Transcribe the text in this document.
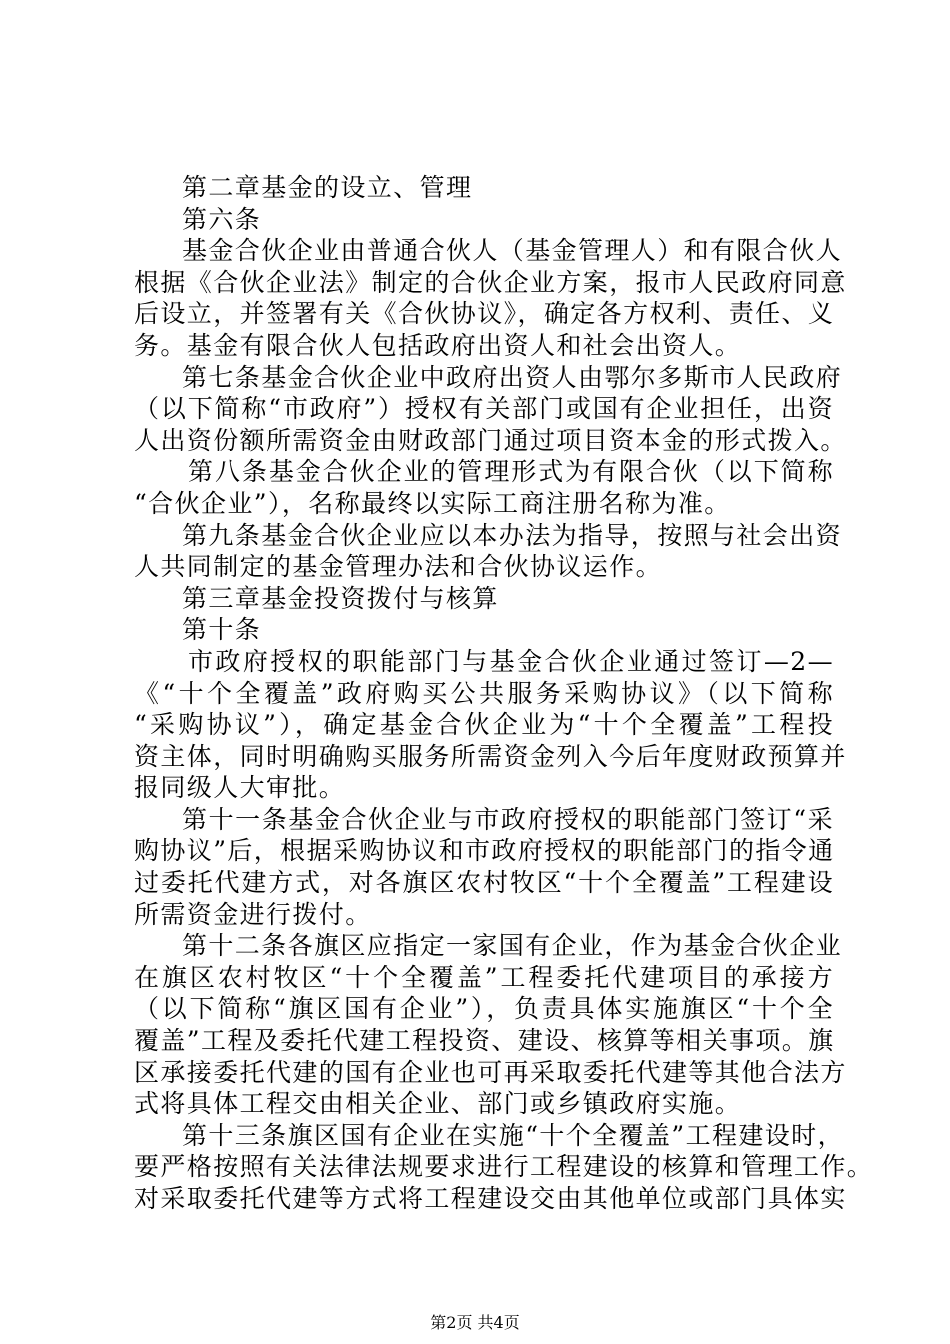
第二章基金的设立、管理
第六条
基金合伙企业由普通合伙人（基金管理人）和有限合伙人
根据《合伙企业法》制定的合伙企业方案，报市人民政府同意
后设立，并签署有关《合伙协议》，确定各方权利、责任、义
务。基金有限合伙人包括政府出资人和社会出资人。
第七条基金合伙企业中政府出资人由鄂尔多斯市人民政府
（以下简称“市政府”）授权有关部门或国有企业担任，出资
人出资份额所需资金由财政部门通过项目资本金的形式拨入。
第八条基金合伙企业的管理形式为有限合伙（以下简称
“合伙企业”），名称最终以实际工商注册名称为准。
第九条基金合伙企业应以本办法为指导，按照与社会出资
人共同制定的基金管理办法和合伙协议运作。
第三章基金投资拨付与核算
第十条
市政府授权的职能部门与基金合伙企业通过签订—2—
《“十个全覆盖”政府购买公共服务采购协议》（以下简称
“采购协议”），确定基金合伙企业为“十个全覆盖”工程投
资主体，同时明确购买服务所需资金列入今后年度财政预算并
报同级人大审批。
第十一条基金合伙企业与市政府授权的职能部门签订“采
购协议”后，根据采购协议和市政府授权的职能部门的指令通
过委托代建方式，对各旗区农村牧区“十个全覆盖”工程建设
所需资金进行拨付。
第十二条各旗区应指定一家国有企业，作为基金合伙企业
在旗区农村牧区“十个全覆盖”工程委托代建项目的承接方
（以下简称“旗区国有企业”），负责具体实施旗区“十个全
覆盖”工程及委托代建工程投资、建设、核算等相关事项。旗
区承接委托代建的国有企业也可再采取委托代建等其他合法方
式将具体工程交由相关企业、部门或乡镇政府实施。
第十三条旗区国有企业在实施“十个全覆盖”工程建设时，
要严格按照有关法律法规要求进行工程建设的核算和管理工作。
对采取委托代建等方式将工程建设交由其他单位或部门具体实
第2页 共4页
